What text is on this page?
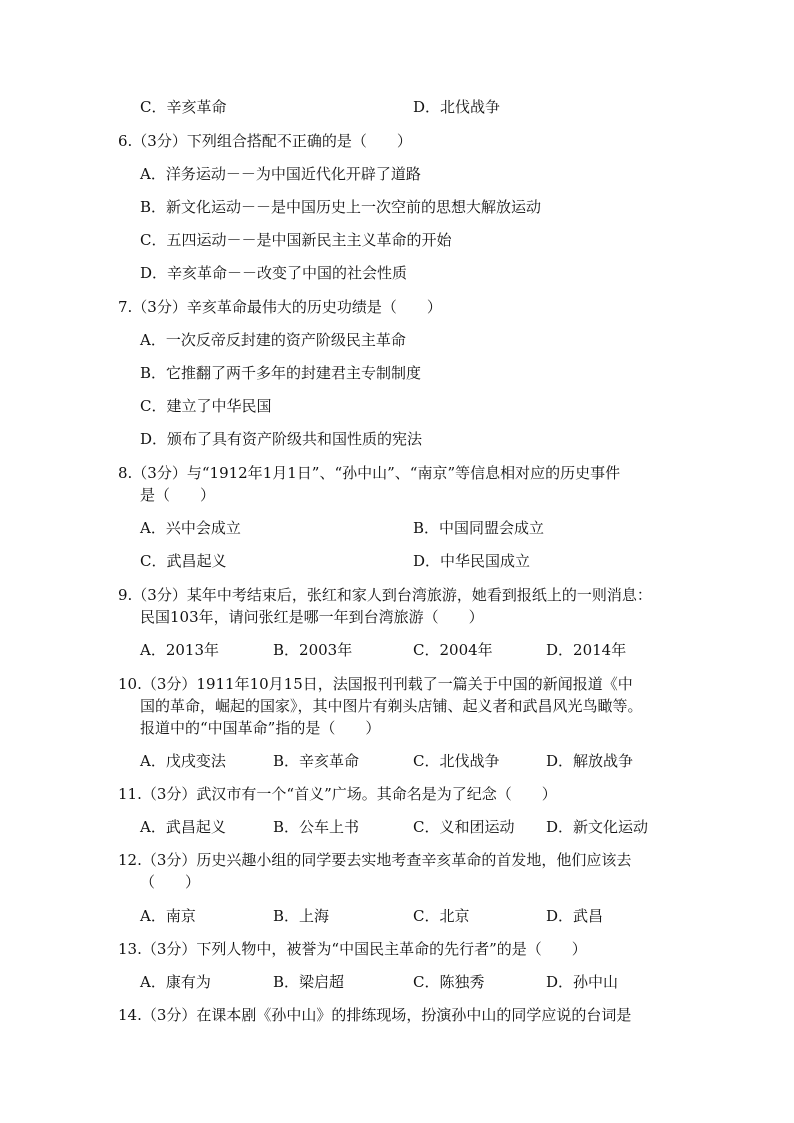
C．辛亥革命	D．北伐战争
6.（3分）下列组合搭配不正确的是（　　）
A．洋务运动－－为中国近代化开辟了道路
B．新文化运动－－是中国历史上一次空前的思想大解放运动
C．五四运动－－是中国新民主主义革命的开始
D．辛亥革命－－改变了中国的社会性质
7.（3分）辛亥革命最伟大的历史功绩是（　　）
A．一次反帝反封建的资产阶级民主革命
B．它推翻了两千多年的封建君主专制制度
C．建立了中华民国
D．颁布了具有资产阶级共和国性质的宪法
8.（3分）与“1912年1月1日”、“孙中山”、“南京”等信息相对应的历史事件
是（　　）
A．兴中会成立	B．中国同盟会成立
C．武昌起义	D．中华民国成立
9.（3分）某年中考结束后，张红和家人到台湾旅游，她看到报纸上的一则消息：
民国103年，请问张红是哪一年到台湾旅游（　　）
A．2013年	B．2003年	C．2004年	D．2014年
10.（3分）1911年10月15日，法国报刊刊载了一篇关于中国的新闻报道《中
国的革命，崛起的国家》，其中图片有剃头店铺、起义者和武昌风光鸟瞰等。
报道中的“中国革命”指的是（　　）
A．戊戌变法	B．辛亥革命	C．北伐战争	D．解放战争
11.（3分）武汉市有一个“首义”广场。其命名是为了纪念（　　）
A．武昌起义	B．公车上书	C．义和团运动 D．新文化运动
12.（3分）历史兴趣小组的同学要去实地考查辛亥革命的首发地，他们应该去
（　　）
A．南京	B．上海	C．北京	D．武昌
13.（3分）下列人物中，被誉为“中国民主革命的先行者”的是（　　）
A．康有为	B．梁启超	C．陈独秀	D．孙中山
14.（3分）在课本剧《孙中山》的排练现场，扮演孙中山的同学应说的台词是
